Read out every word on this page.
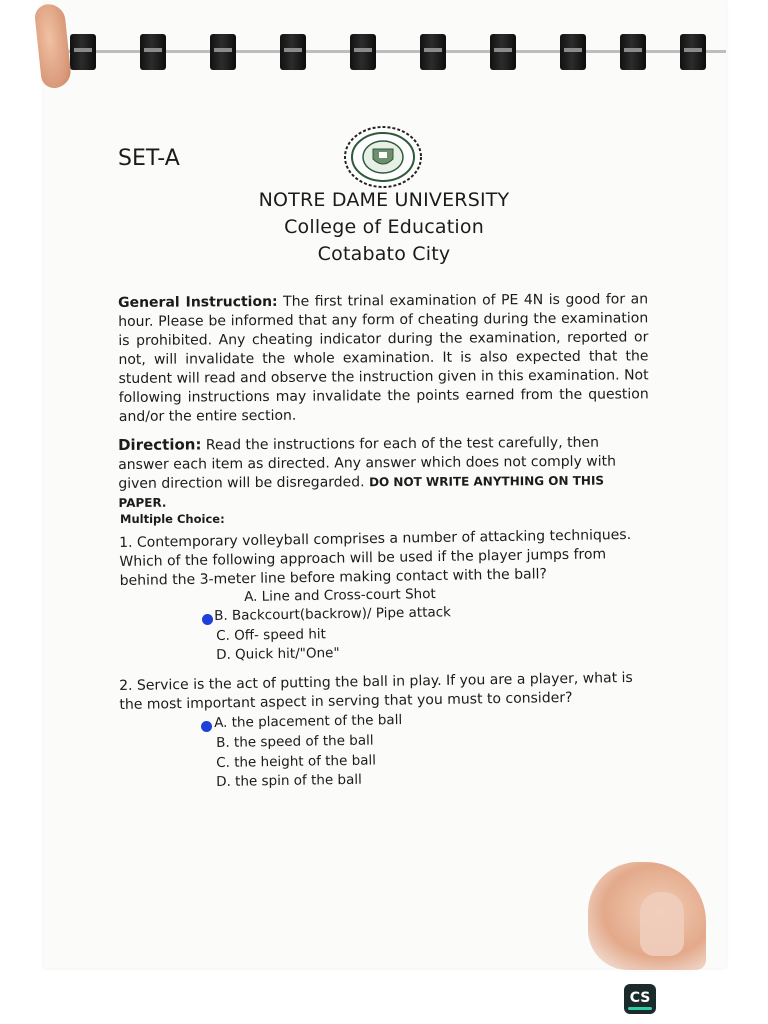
SET-A
NOTRE DAME UNIVERSITY
College of Education
Cotabato City
General Instruction: The first trinal examination of PE 4N is good for an hour. Please be informed that any form of cheating during the examination is prohibited. Any cheating indicator during the examination, reported or not, will invalidate the whole examination. It is also expected that the student will read and observe the instruction given in this examination. Not following instructions may invalidate the points earned from the question and/or the entire section.
Direction: Read the instructions for each of the test carefully, then answer each item as directed. Any answer which does not comply with given direction will be disregarded. DO NOT WRITE ANYTHING ON THIS PAPER.
Multiple Choice:
1. Contemporary volleyball comprises a number of attacking techniques. Which of the following approach will be used if the player jumps from behind the 3-meter line before making contact with the ball?
A. Line and Cross-court Shot
B. Backcourt(backrow)/ Pipe attack
C. Off- speed hit
D. Quick hit/"One"
2. Service is the act of putting the ball in play. If you are a player, what is the most important aspect in serving that you must to consider?
A. the placement of the ball
B. the speed of the ball
C. the height of the ball
D. the spin of the ball
CS
